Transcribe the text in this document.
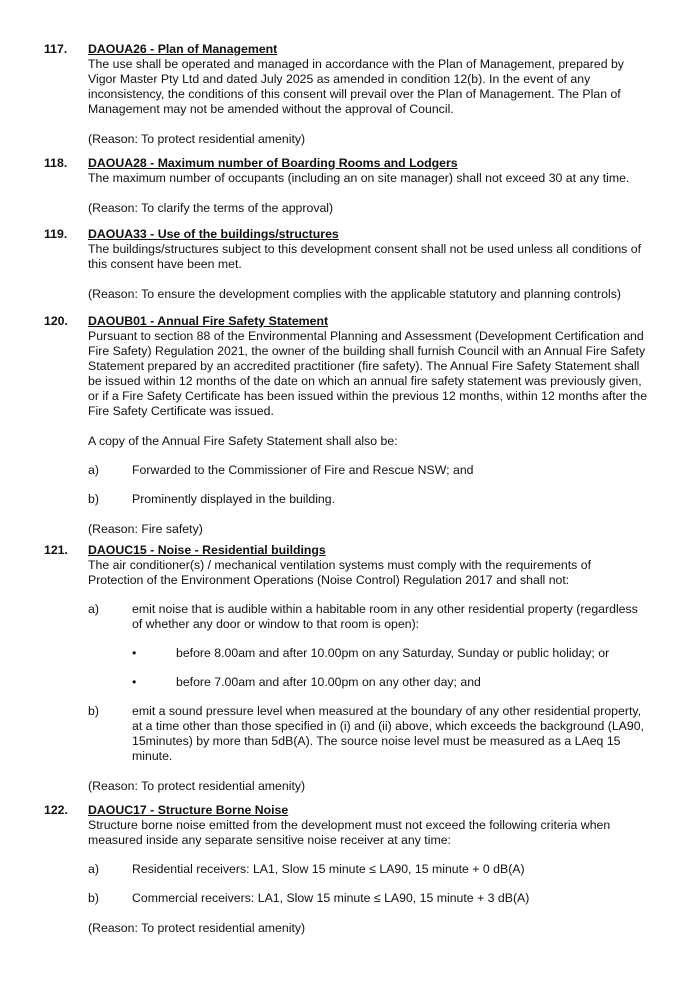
117. DAOUA26 - Plan of Management

The use shall be operated and managed in accordance with the Plan of Management, prepared by Vigor Master Pty Ltd and dated July 2025 as amended in condition 12(b). In the event of any inconsistency, the conditions of this consent will prevail over the Plan of Management. The Plan of Management may not be amended without the approval of Council.

(Reason: To protect residential amenity)

118. DAOUA28 - Maximum number of Boarding Rooms and Lodgers

The maximum number of occupants (including an on site manager) shall not exceed 30 at any time.

(Reason: To clarify the terms of the approval)

119. DAOUA33 - Use of the buildings/structures

The buildings/structures subject to this development consent shall not be used unless all conditions of this consent have been met.

(Reason: To ensure the development complies with the applicable statutory and planning controls)

120. DAOUB01 - Annual Fire Safety Statement

Pursuant to section 88 of the Environmental Planning and Assessment (Development Certification and Fire Safety) Regulation 2021, the owner of the building shall furnish Council with an Annual Fire Safety Statement prepared by an accredited practitioner (fire safety). The Annual Fire Safety Statement shall be issued within 12 months of the date on which an annual fire safety statement was previously given, or if a Fire Safety Certificate has been issued within the previous 12 months, within 12 months after the Fire Safety Certificate was issued.

A copy of the Annual Fire Safety Statement shall also be:

a)	Forwarded to the Commissioner of Fire and Rescue NSW; and
b)	Prominently displayed in the building.

(Reason: Fire safety)

121. DAOUC15 - Noise - Residential buildings

The air conditioner(s) / mechanical ventilation systems must comply with the requirements of Protection of the Environment Operations (Noise Control) Regulation 2017 and shall not:

a)	emit noise that is audible within a habitable room in any other residential property (regardless of whether any door or window to that room is open):
•	before 8.00am and after 10.00pm on any Saturday, Sunday or public holiday; or
•	before 7.00am and after 10.00pm on any other day; and
b)	emit a sound pressure level when measured at the boundary of any other residential property, at a time other than those specified in (i) and (ii) above, which exceeds the background (LA90, 15minutes) by more than 5dB(A). The source noise level must be measured as a LAeq 15 minute.

(Reason: To protect residential amenity)

122. DAOUC17 - Structure Borne Noise

Structure borne noise emitted from the development must not exceed the following criteria when measured inside any separate sensitive noise receiver at any time:

a)	Residential receivers: LA1, Slow 15 minute ≤ LA90, 15 minute + 0 dB(A)
b)	Commercial receivers: LA1, Slow 15 minute ≤ LA90, 15 minute + 3 dB(A)

(Reason: To protect residential amenity)
